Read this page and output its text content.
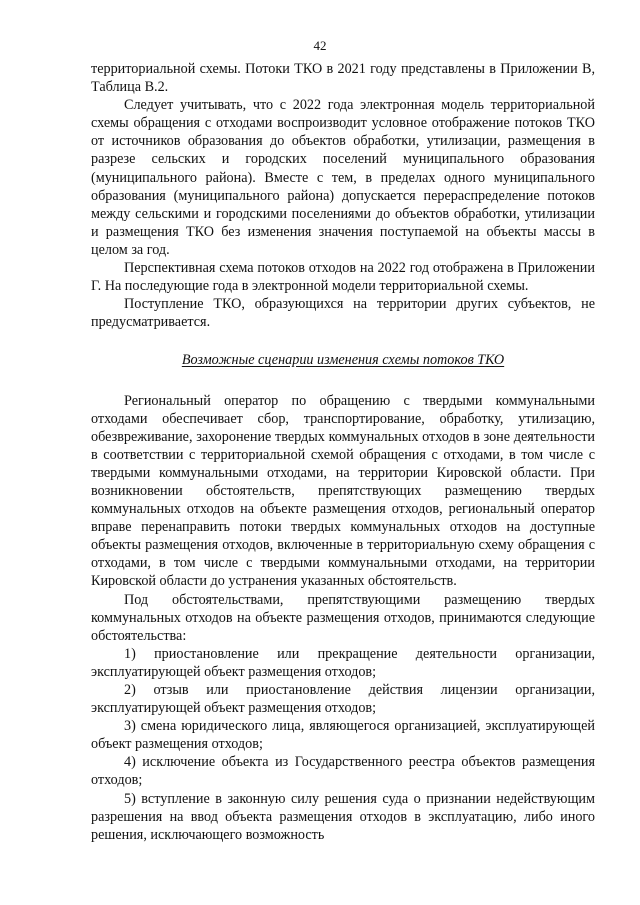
42

территориальной схемы. Потоки ТКО в 2021 году представлены в Приложении В, Таблица В.2.

Следует учитывать, что с 2022 года электронная модель территориальной схемы обращения с отходами воспроизводит условное отображение потоков ТКО от источников образования до объектов обработки, утилизации, размещения в разрезе сельских и городских поселений муниципального образования (муниципального района). Вместе с тем, в пределах одного муниципального образования (муниципального района) допускается перераспределение потоков между сельскими и городскими поселениями до объектов обработки, утилизации и размещения ТКО без изменения значения поступаемой на объекты массы в целом за год.

Перспективная схема потоков отходов на 2022 год отображена в Приложении Г. На последующие года в электронной модели территориальной схемы.

Поступление ТКО, образующихся на территории других субъектов, не предусматривается.

Возможные сценарии изменения схемы потоков ТКО

Региональный оператор по обращению с твердыми коммунальными отходами обеспечивает сбор, транспортирование, обработку, утилизацию, обезвреживание, захоронение твердых коммунальных отходов в зоне деятельности в соответствии с территориальной схемой обращения с отходами, в том числе с твердыми коммунальными отходами, на территории Кировской области. При возникновении обстоятельств, препятствующих размещению твердых коммунальных отходов на объекте размещения отходов, региональный оператор вправе перенаправить потоки твердых коммунальных отходов на доступные объекты размещения отходов, включенные в территориальную схему обращения с отходами, в том числе с твердыми коммунальными отходами, на территории Кировской области до устранения указанных обстоятельств.

Под обстоятельствами, препятствующими размещению твердых коммунальных отходов на объекте размещения отходов, принимаются следующие обстоятельства:

1) приостановление или прекращение деятельности организации, эксплуатирующей объект размещения отходов;

2) отзыв или приостановление действия лицензии организации, эксплуатирующей объект размещения отходов;

3) смена юридического лица, являющегося организацией, эксплуатирующей объект размещения отходов;

4) исключение объекта из Государственного реестра объектов размещения отходов;

5) вступление в законную силу решения суда о признании недействующим разрешения на ввод объекта размещения отходов в эксплуатацию, либо иного решения, исключающего возможность
